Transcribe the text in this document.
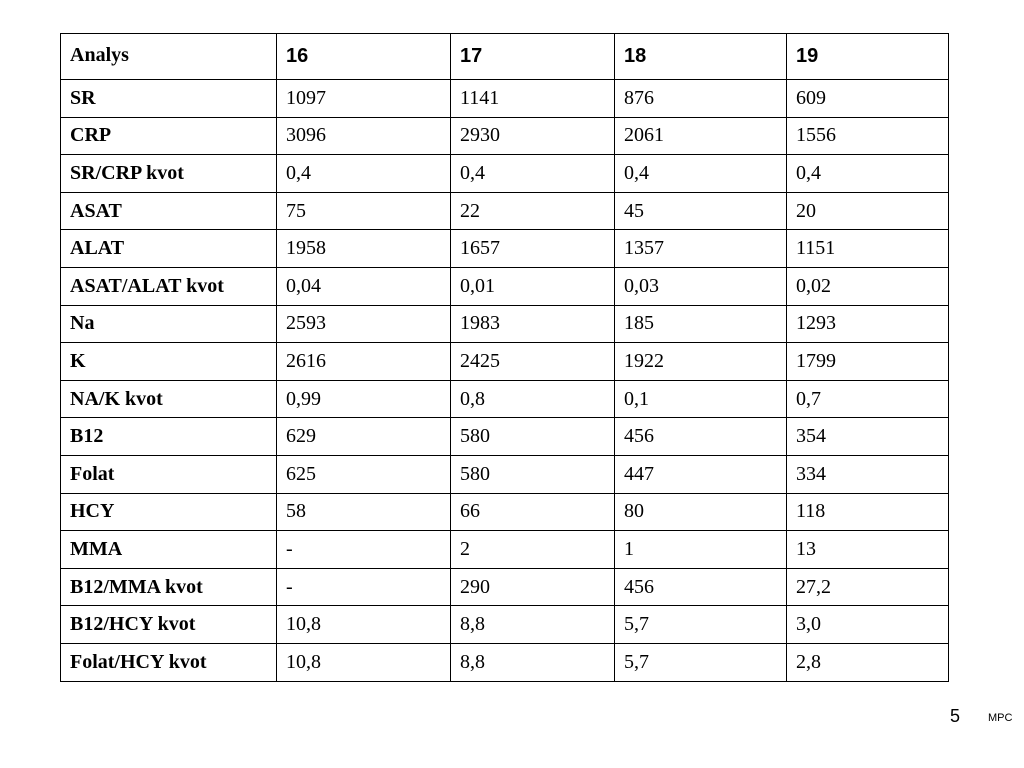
Analys	16	17	18	19
SR	1097	1141	876	609
CRP	3096	2930	2061	1556
SR/CRP kvot	0,4	0,4	0,4	0,4
ASAT	75	22	45	20
ALAT	1958	1657	1357	1151
ASAT/ALAT kvot	0,04	0,01	0,03	0,02
Na	2593	1983	185	1293
K	2616	2425	1922	1799
NA/K kvot	0,99	0,8	0,1	0,7
B12	629	580	456	354
Folat	625	580	447	334
HCY	58	66	80	118
MMA	-	2	1	13
B12/MMA kvot	-	290	456	27,2
B12/HCY kvot	10,8	8,8	5,7	3,0
Folat/HCY kvot	10,8	8,8	5,7	2,8
5	MPC
